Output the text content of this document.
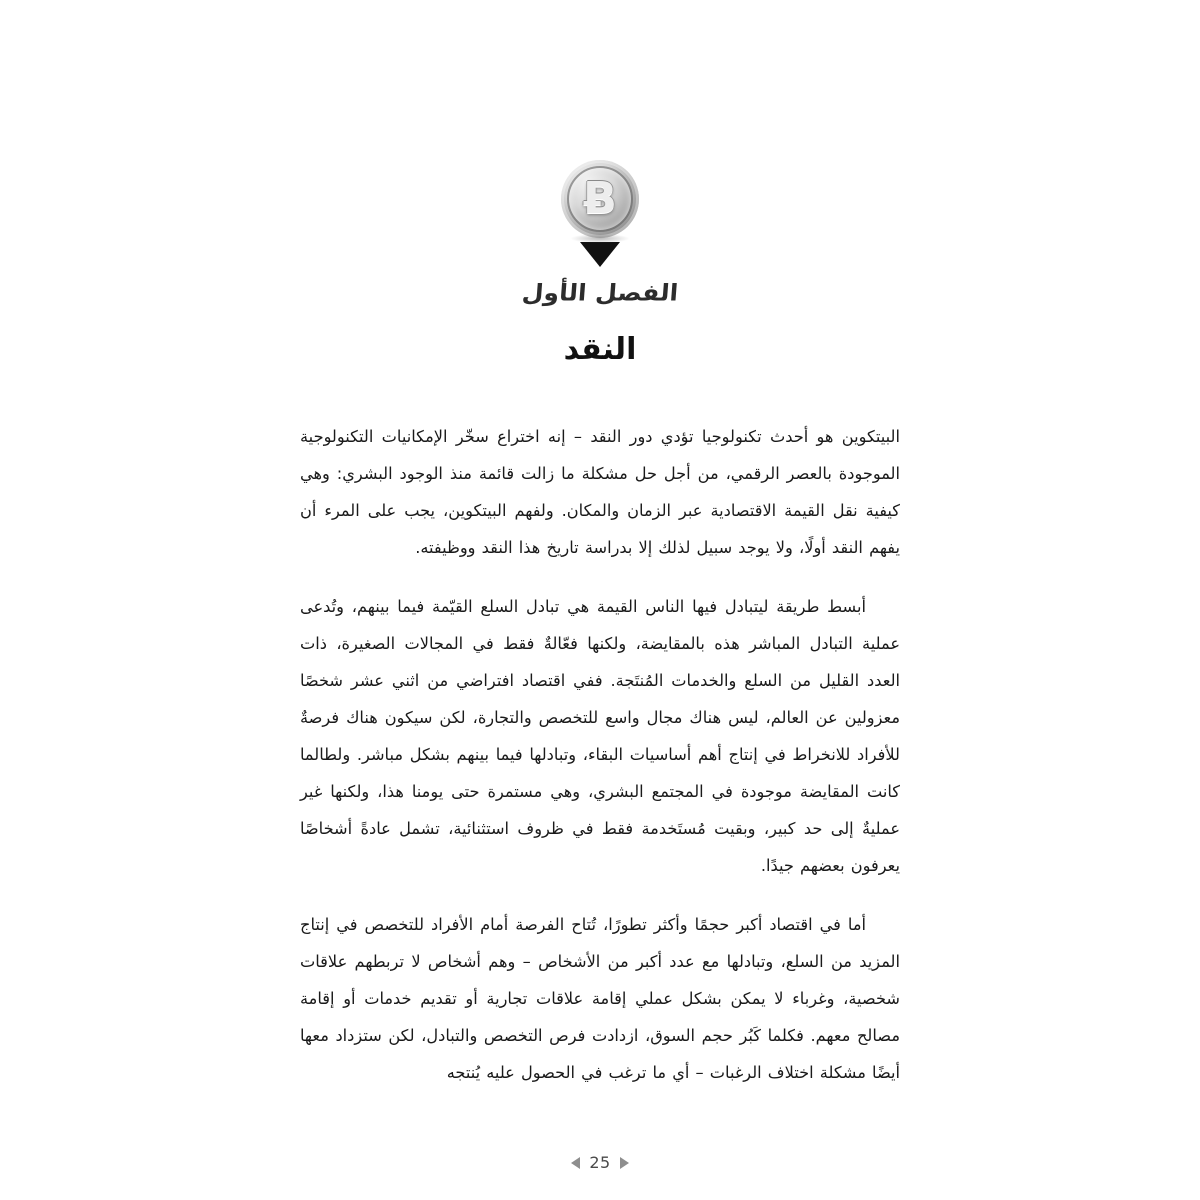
Ƀ
الفصل الأول
النقد

البيتكوين هو أحدث تكنولوجيا تؤدي دور النقد – إنه اختراع سخّر الإمكانيات التكنولوجية الموجودة بالعصر الرقمي، من أجل حل مشكلة ما زالت قائمة منذ الوجود البشري: وهي كيفية نقل القيمة الاقتصادية عبر الزمان والمكان. ولفهم البيتكوين، يجب على المرء أن يفهم النقد أولًا، ولا يوجد سبيل لذلك إلا بدراسة تاريخ هذا النقد ووظيفته.

أبسط طريقة ليتبادل فيها الناس القيمة هي تبادل السلع القيّمة فيما بينهم، وتُدعى عملية التبادل المباشر هذه بالمقايضة، ولكنها فعّالةٌ فقط في المجالات الصغيرة، ذات العدد القليل من السلع والخدمات المُنتَجة. ففي اقتصاد افتراضي من اثني عشر شخصًا معزولين عن العالم، ليس هناك مجال واسع للتخصص والتجارة، لكن سيكون هناك فرصةٌ للأفراد للانخراط في إنتاج أهم أساسيات البقاء، وتبادلها فيما بينهم بشكل مباشر. ولطالما كانت المقايضة موجودة في المجتمع البشري، وهي مستمرة حتى يومنا هذا، ولكنها غير عمليةٌ إلى حد كبير، وبقيت مُستَخدمة فقط في ظروف استثنائية، تشمل عادةً أشخاصًا يعرفون بعضهم جيدًا.

أما في اقتصاد أكبر حجمًا وأكثر تطورًا، تُتاح الفرصة أمام الأفراد للتخصص في إنتاج المزيد من السلع، وتبادلها مع عدد أكبر من الأشخاص – وهم أشخاص لا تربطهم علاقات شخصية، وغرباء لا يمكن بشكل عملي إقامة علاقات تجارية أو تقديم خدمات أو إقامة مصالح معهم. فكلما كَبُر حجم السوق، ازدادت فرص التخصص والتبادل، لكن ستزداد معها أيضًا مشكلة اختلاف الرغبات – أي ما ترغب في الحصول عليه يُنتجه

25
